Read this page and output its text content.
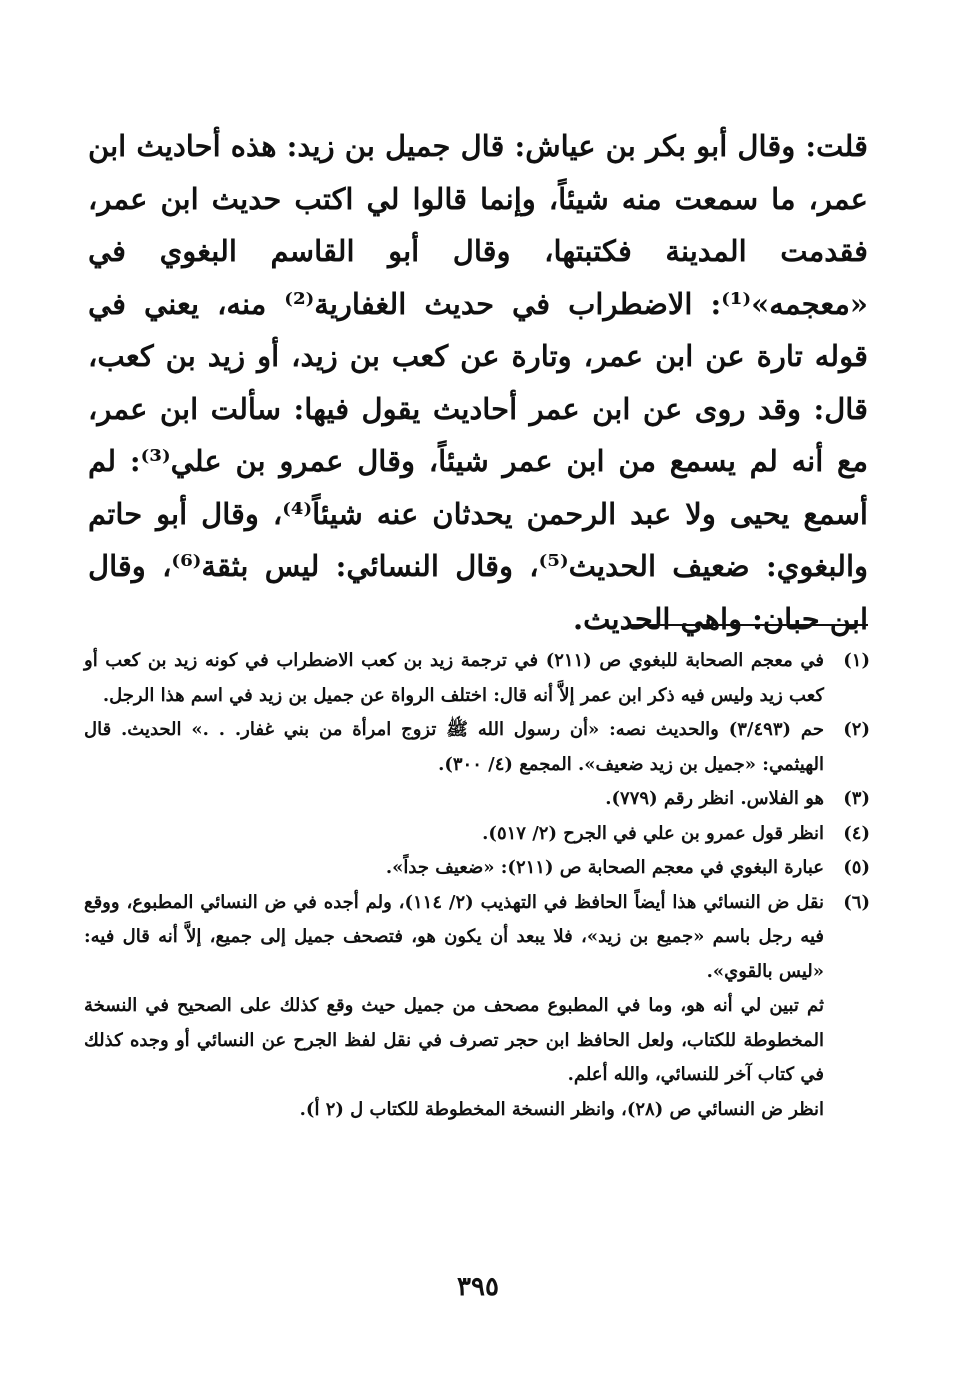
قلت: وقال أبو بكر بن عياش: قال جميل بن زيد: هذه أحاديث ابن عمر، ما سمعت منه شيئاً، وإنما قالوا لي اكتب حديث ابن عمر، فقدمت المدينة فكتبتها، وقال أبو القاسم البغوي في «معجمه»⁽¹⁾: الاضطراب في حديث الغفارية⁽²⁾ منه، يعني في قوله تارة عن ابن عمر، وتارة عن كعب بن زيد، أو زيد بن كعب، قال: وقد روى عن ابن عمر أحاديث يقول فيها: سألت ابن عمر، مع أنه لم يسمع من ابن عمر شيئاً، وقال عمرو بن علي⁽³⁾: لم أسمع يحيى ولا عبد الرحمن يحدثان عنه شيئاً⁽⁴⁾، وقال أبو حاتم والبغوي: ضعيف الحديث⁽⁵⁾، وقال النسائي: ليس بثقة⁽⁶⁾، وقال ابن حبان: واهي الحديث.

(١)
في معجم الصحابة للبغوي ص (٢١١) في ترجمة زيد بن كعب الاضطراب في كونه زيد بن كعب أو كعب زيد وليس فيه ذكر ابن عمر إلاَّ أنه قال: اختلف الرواة عن جميل بن زيد في اسم هذا الرجل.
(٢)
حم (٣/٤٩٣) والحديث نصه: «أن رسول الله ﷺ تزوج امرأة من بني غفار. . .» الحديث. قال الهيثمي: «جميل بن زيد ضعيف». المجمع (٤/ ٣٠٠).
(٣)
هو الفلاس. انظر رقم (٧٧٩).
(٤)
انظر قول عمرو بن علي في الجرح (٢/ ٥١٧).
(٥)
عبارة البغوي في معجم الصحابة ص (٢١١): «ضعيف جداً».
(٦)
نقل ض النسائي هذا أيضاً الحافظ في التهذيب (٢/ ١١٤)، ولم أجده في ض النسائي المطبوع، ووقع فيه رجل باسم «جميع بن زيد»، فلا يبعد أن يكون هو، فتصحف جميل إلى جميع، إلاَّ أنه قال فيه: «ليس بالقوي».

ثم تبين لي أنه هو، وما في المطبوع مصحف من جميل حيث وقع كذلك على الصحيح في النسخة المخطوطة للكتاب، ولعل الحافظ ابن حجر تصرف في نقل لفظ الجرح عن النسائي أو وجده كذلك في كتاب آخر للنسائي، والله أعلم.

انظر ض النسائي ص (٢٨)، وانظر النسخة المخطوطة للكتاب ل (٢ أ).

٣٩٥
